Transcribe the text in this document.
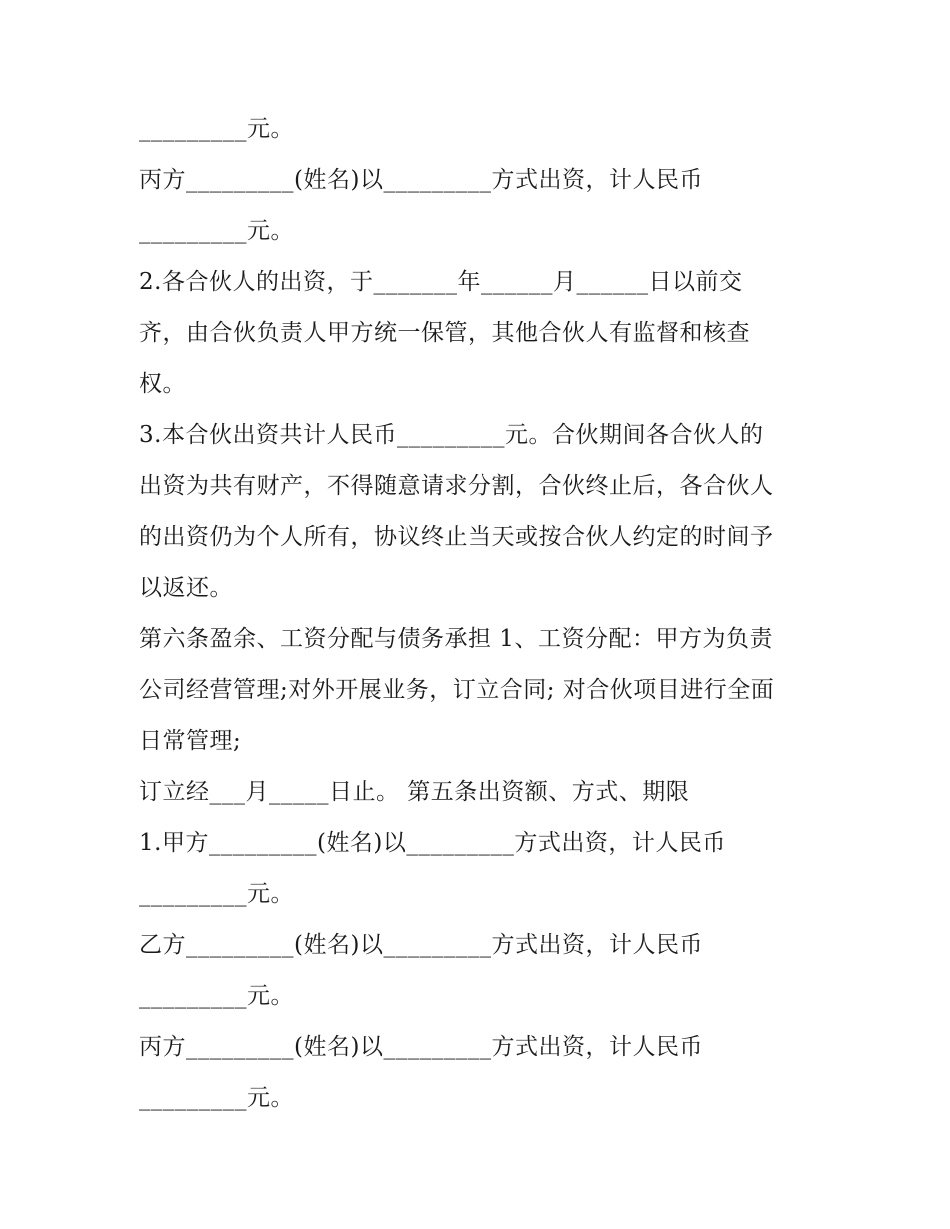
_________元。
丙方_________(姓名)以_________方式出资，计人民币
_________元。
2.各合伙人的出资，于_______年______月______日以前交
齐，由合伙负责人甲方统一保管，其他合伙人有监督和核查
权。
3.本合伙出资共计人民币_________元。合伙期间各合伙人的
出资为共有财产，不得随意请求分割，合伙终止后，各合伙人
的出资仍为个人所有，协议终止当天或按合伙人约定的时间予
以返还。
第六条盈余、工资分配与债务承担 1、工资分配：甲方为负责
公司经营管理;对外开展业务，订立合同; 对合伙项目进行全面
日常管理;
订立经___月_____日止。 第五条出资额、方式、期限
1.甲方_________(姓名)以_________方式出资，计人民币
_________元。
乙方_________(姓名)以_________方式出资，计人民币
_________元。
丙方_________(姓名)以_________方式出资，计人民币
_________元。
